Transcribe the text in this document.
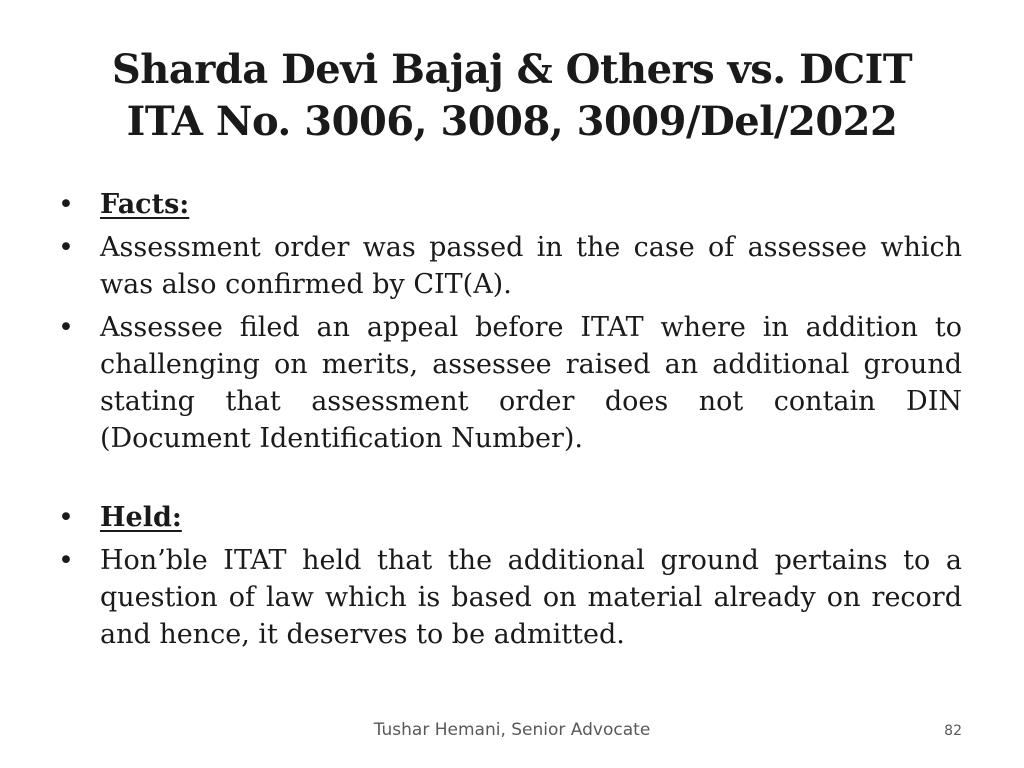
Sharda Devi Bajaj & Others vs. DCIT
ITA No. 3006, 3008, 3009/Del/2022
• Facts:
• Assessment order was passed in the case of assessee which was also confirmed by CIT(A).
• Assessee filed an appeal before ITAT where in addition to challenging on merits, assessee raised an additional ground stating that assessment order does not contain DIN (Document Identification Number).
• Held:
• Hon’ble ITAT held that the additional ground pertains to a question of law which is based on material already on record and hence, it deserves to be admitted.
Tushar Hemani, Senior Advocate	82
